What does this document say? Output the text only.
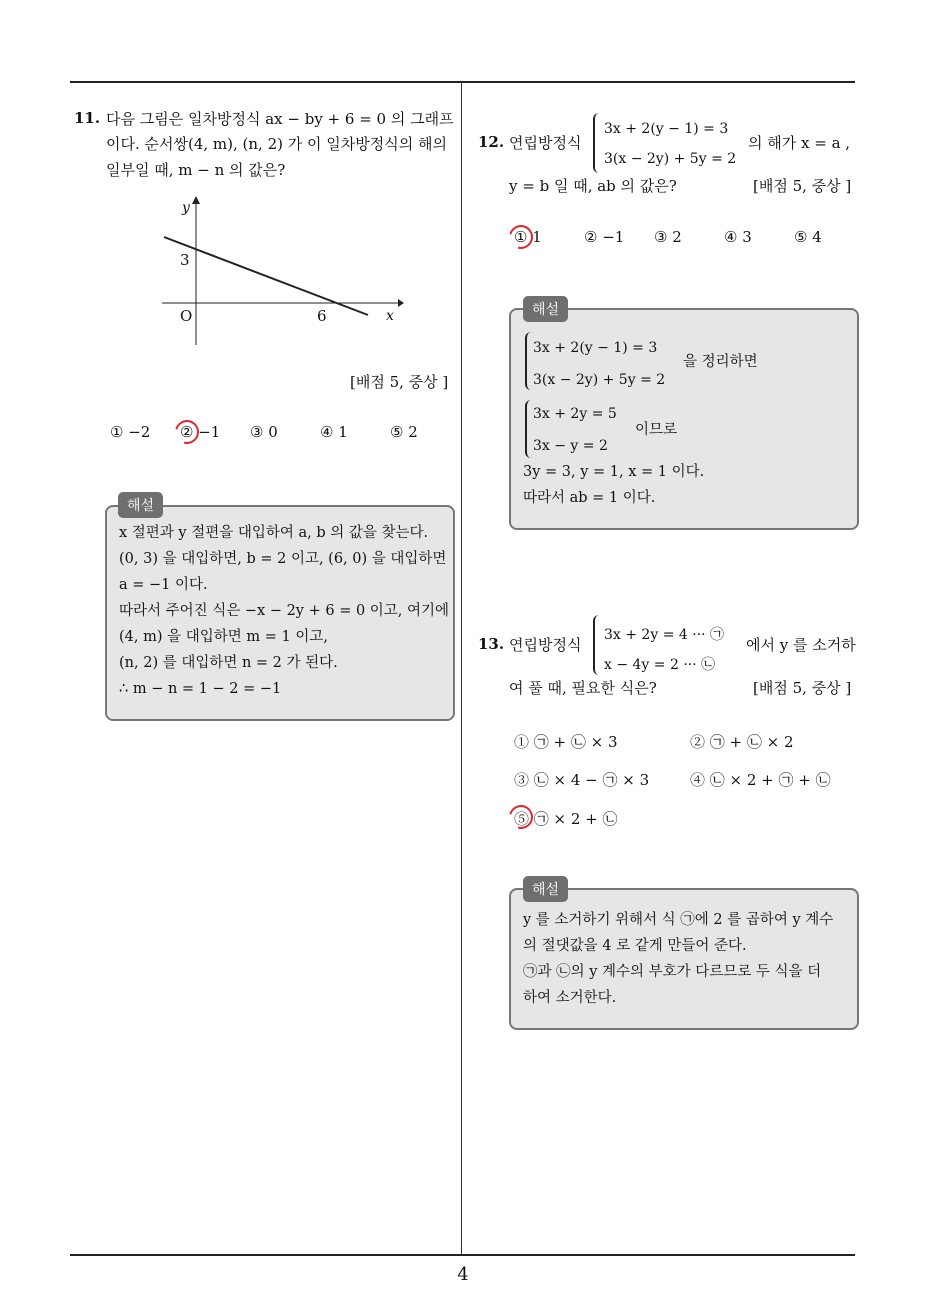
4
11. 다음 그림은 일차방정식 ax − by + 6 = 0 의 그래프
이다. 순서쌍(4, m), (n, 2) 가 이 일차방정식의 해의
일부일 때, m − n 의 값은?
y
x
O
3
6
[배점 5, 중상 ]
① −2 ② −1 ③ 0	④ 1	⑤ 2
x 절편과 y 절편을 대입하여 a, b 의 값을 찾는다.
(0, 3) 을 대입하면, b = 2 이고, (6, 0) 을 대입하면
a = −1 이다.
따라서 주어진 식은 −x − 2y + 6 = 0 이고, 여기에
(4, m) 을 대입하면 m = 1 이고,
(n, 2) 를 대입하면 n = 2 가 된다.
∴ m − n = 1 − 2 = −1
해설
12. 연립방정식
3x + 2(y − 1) = 3
3(x − 2y) + 5y = 2
의 해가 x = a ,
y = b 일 때, ab 의 값은?	[배점 5, 중상 ]
① 1	② −1 ③ 2	④ 3	⑤ 4
3x + 2(y − 1) = 3
3(x − 2y) + 5y = 2
을 정리하면
3x + 2y = 5
3x − y = 2
이므로
3y = 3, y = 1, x = 1 이다.
따라서 ab = 1 이다.
해설
13. 연립방정식
3x + 2y = 4 ··· ㉠
x − 4y = 2 ··· ㉡
에서 y 를 소거하
여 풀 때, 필요한 식은?	[배점 5, 중상 ]
① ㉠ + ㉡ × 3	② ㉠ + ㉡ × 2
③ ㉡ × 4 − ㉠ × 3	④ ㉡ × 2 + ㉠ + ㉡
⑤ ㉠ × 2 + ㉡
y 를 소거하기 위해서 식 ㉠에 2 를 곱하여 y 계수
의 절댓값을 4 로 같게 만들어 준다.
㉠과 ㉡의 y 계수의 부호가 다르므로 두 식을 더
하여 소거한다.
해설
